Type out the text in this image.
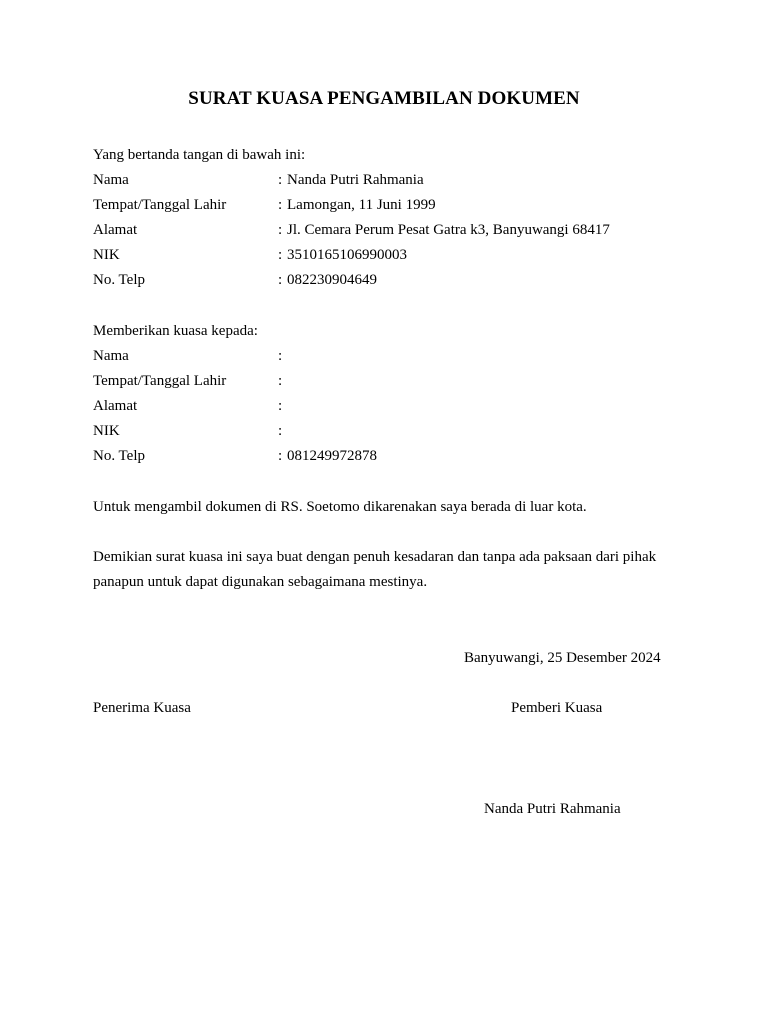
SURAT KUASA PENGAMBILAN DOKUMEN
Yang bertanda tangan di bawah ini:
Nama	: Nanda Putri Rahmania
Tempat/Tanggal Lahir	: Lamongan, 11 Juni 1999
Alamat	: Jl. Cemara Perum Pesat Gatra k3, Banyuwangi 68417
NIK	: 3510165106990003
No. Telp	: 082230904649
Memberikan kuasa kepada:
Nama	:
Tempat/Tanggal Lahir	:
Alamat	:
NIK	:
No. Telp	: 081249972878
Untuk mengambil dokumen di RS. Soetomo dikarenakan saya berada di luar kota.
Demikian surat kuasa ini saya buat dengan penuh kesadaran dan tanpa ada paksaan dari pihak
panapun untuk dapat digunakan sebagaimana mestinya.
Banyuwangi, 25 Desember 2024
Penerima Kuasa	Pemberi Kuasa
Nanda Putri Rahmania
